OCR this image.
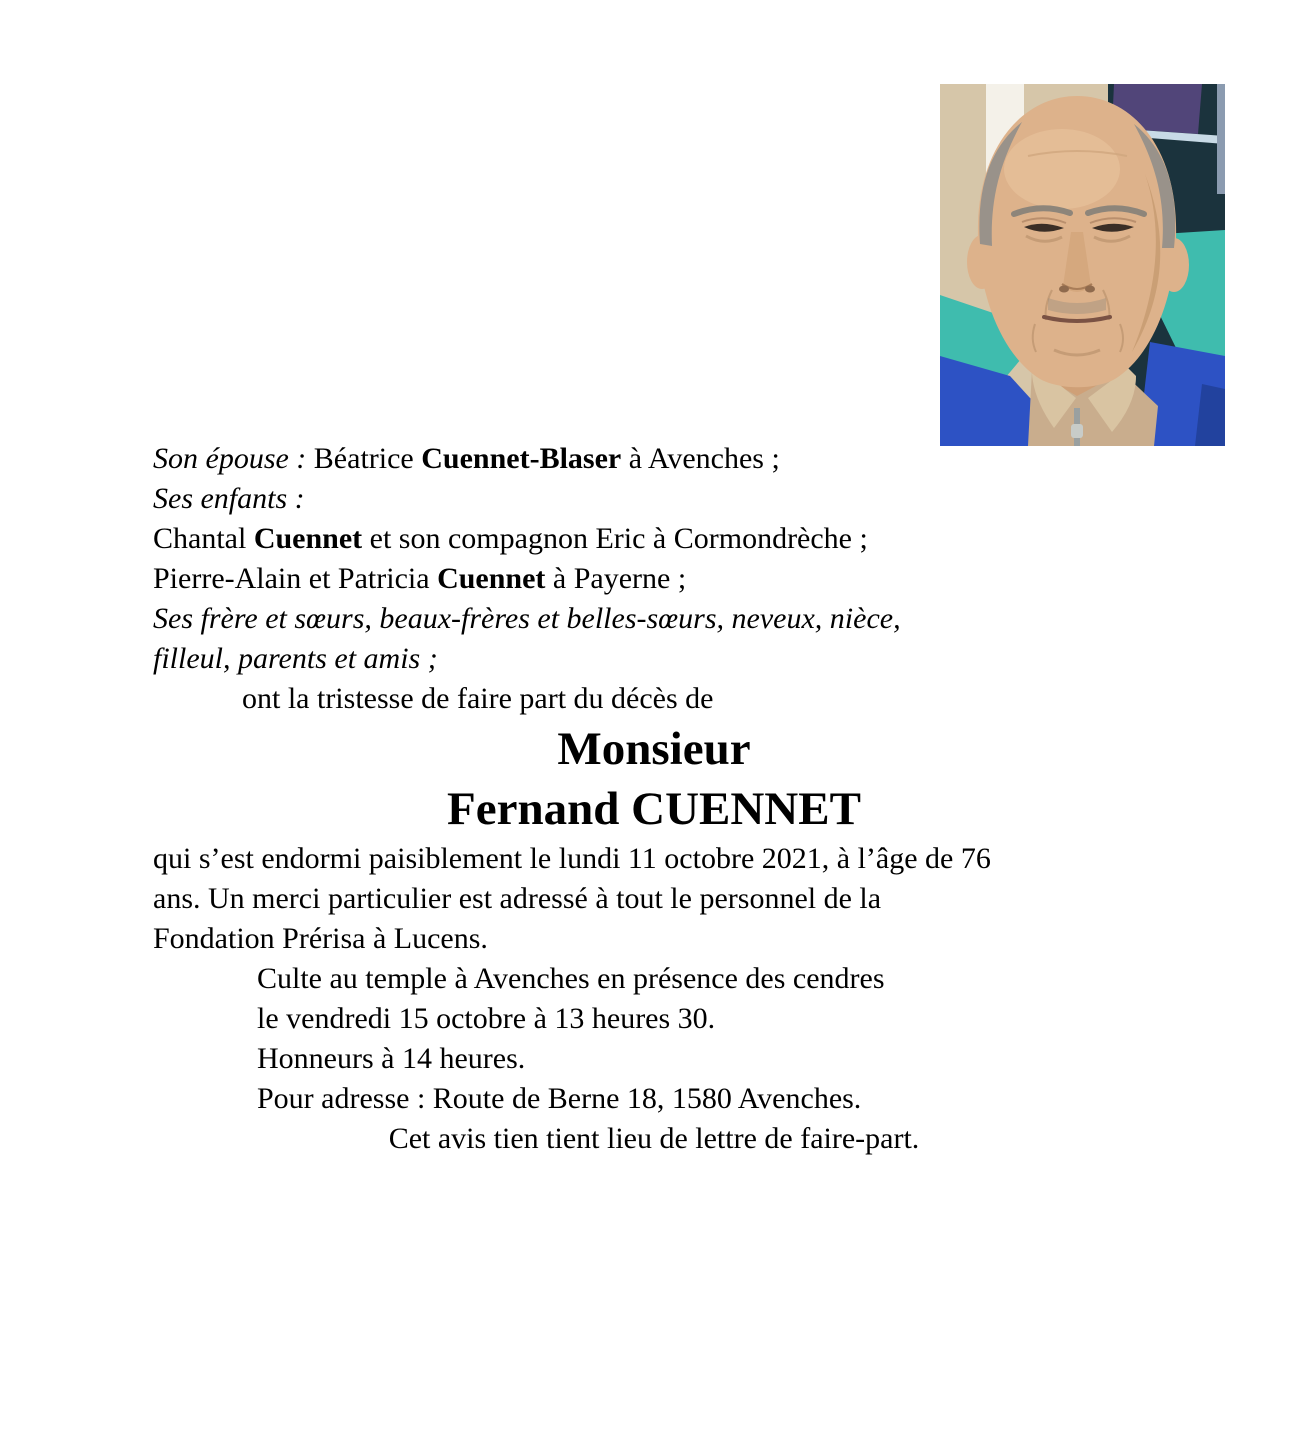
Son épouse : Béatrice Cuennet-Blaser à Avenches ;

Ses enfants :
Chantal Cuennet et son compagnon Eric à Cormondrèche ;
Pierre-Alain et Patricia Cuennet à Payerne ;

Ses frère et sœurs, beaux-frères et belles-sœurs, neveux, nièce,
filleul, parents et amis ;

ont la tristesse de faire part du décès de

Monsieur

Fernand CUENNET

qui s’est endormi paisiblement le lundi 11 octobre 2021, à l’âge de 76
ans. Un merci particulier est adressé à tout le personnel de la
Fondation Prérisa à Lucens.

Culte au temple à Avenches en présence des cendres
le vendredi 15 octobre à 13 heures 30.
Honneurs à 14 heures.
Pour adresse : Route de Berne 18, 1580 Avenches.

Cet avis tien tient lieu de lettre de faire-part.
